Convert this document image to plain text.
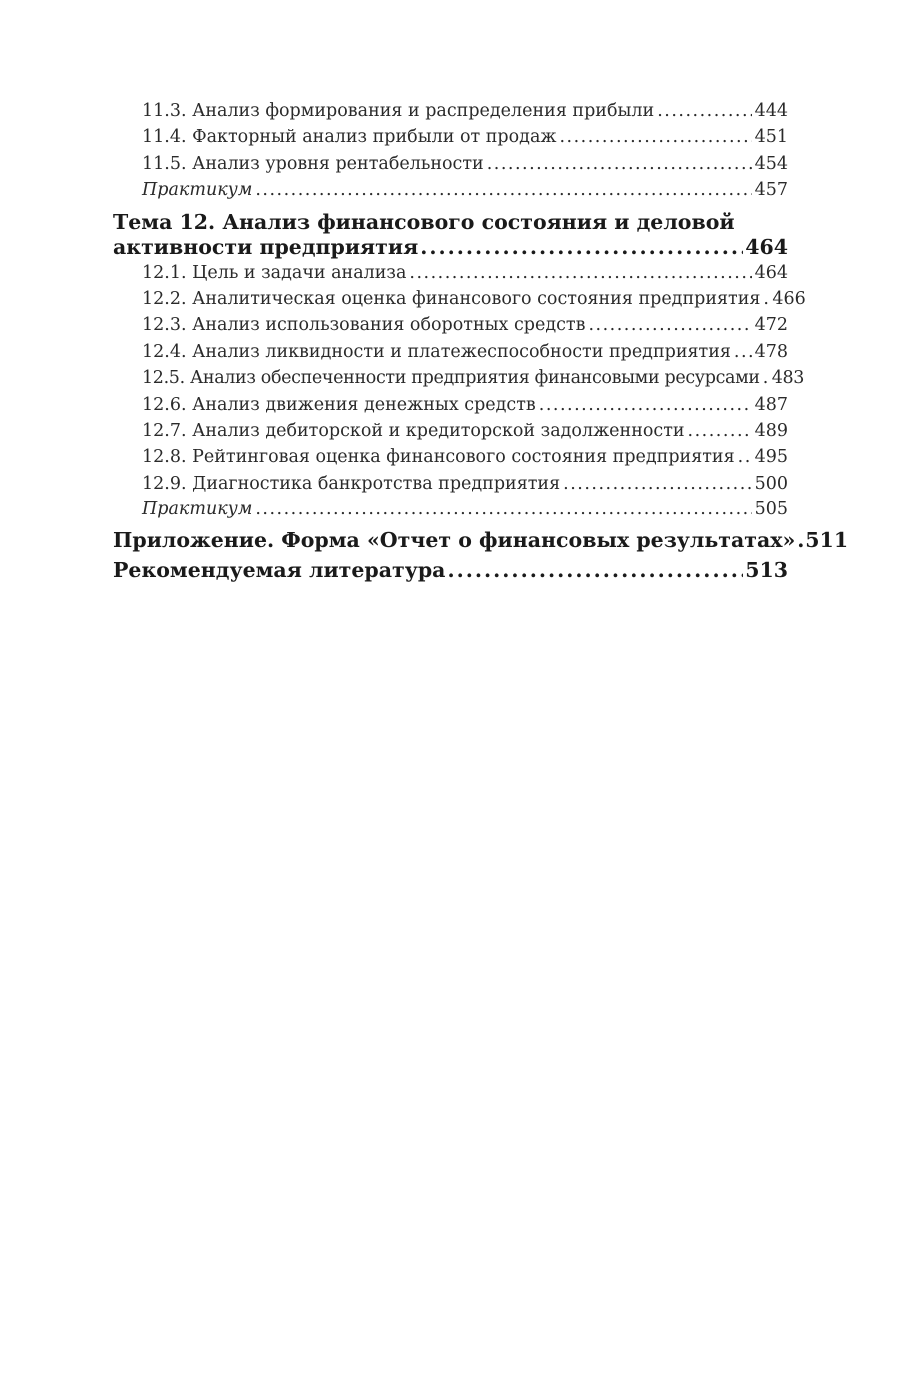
11.3. Анализ формирования и распределения прибыли .....	444
11.4. Факторный анализ прибыли от продаж .....	451
11.5. Анализ уровня рентабельности .....	454
Практикум .....	457
Тема 12. Анализ финансового состояния и деловой
активности предприятия .....	464
12.1. Цель и задачи анализа .....	464
12.2. Аналитическая оценка финансового состояния предприятия ..... 466
12.3. Анализ использования оборотных средств .....	472
12.4. Анализ ликвидности и платежеспособности предприятия ..... 478
12.5. Анализ обеспеченности предприятия финансовыми ресурсами ..... 483
12.6. Анализ движения денежных средств .....	487
12.7. Анализ дебиторской и кредиторской задолженности .....	489
12.8. Рейтинговая оценка финансового состояния предприятия ..... 495
12.9. Диагностика банкротства предприятия .....	500
Практикум .....	505
Приложение. Форма «Отчет о финансовых результатах» ..... 511
Рекомендуемая литература .....	513
